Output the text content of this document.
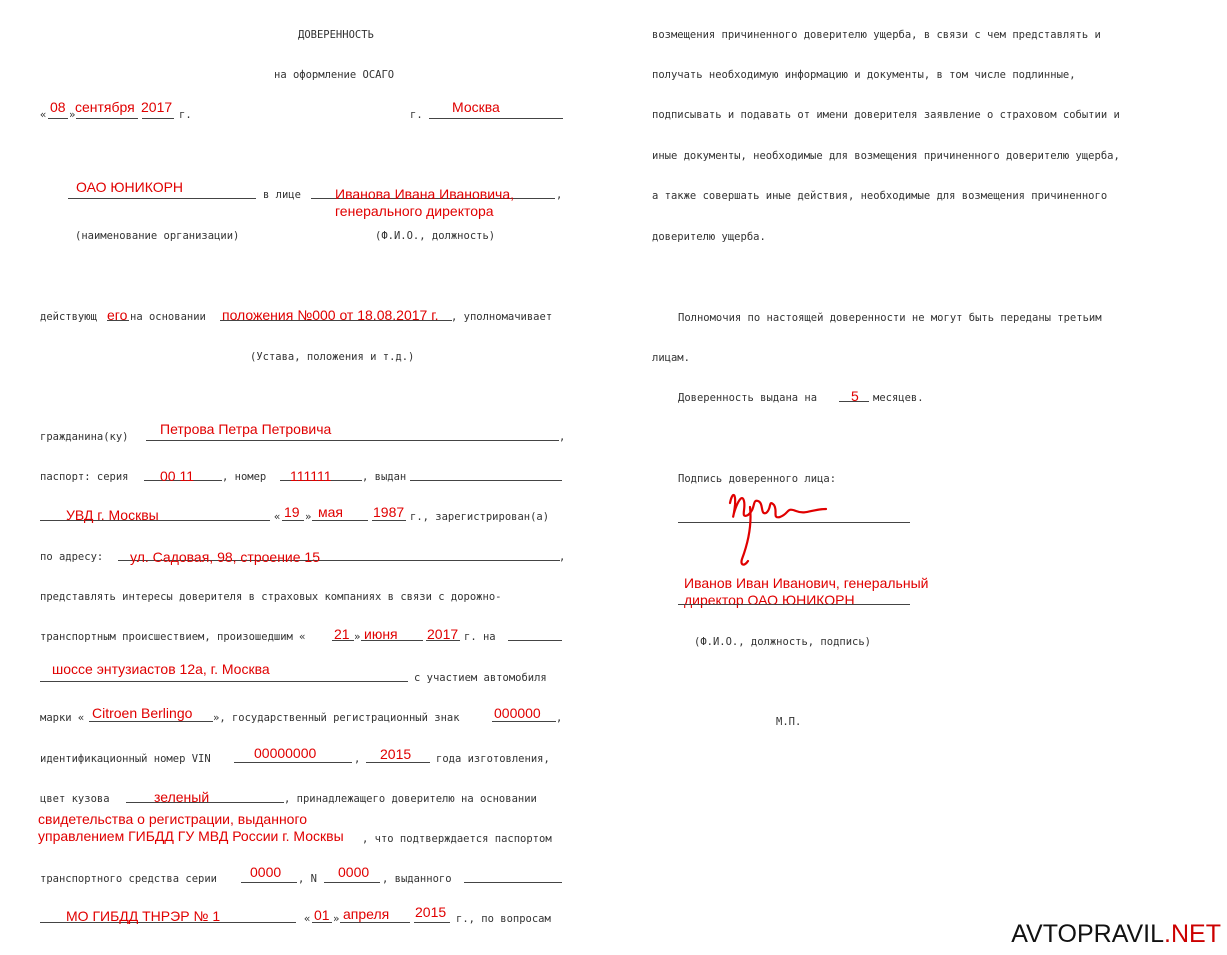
ДОВЕРЕННОСТЬ
на оформление ОСАГО
« 08 » сентября 2017 г.	г. Москва
ОАО ЮНИКОРН	в лице Иванова Ивана Ивановича,	,
генерального директора
(наименование организации)	(Ф.И.О., должность)
действующ его на основании положения №000 от 18.08.2017 г. , уполномачивает
(Устава, положения и т.д.)
гражданина(ку) Петрова Петра Петровича	,
паспорт: серия 00 11	, номер 111111	, выдан
УВД г. Москвы	« 19 » мая 1987 г., зарегистрирован(а)
по адресу: ул. Садовая, 98, строение 15	,
представлять интересы доверителя в страховых компаниях в связи с дорожно-
транспортным происшествием, произошедшим « 21 » июня 2017 г. на
шоссе энтузиастов 12а, г. Москва
с участием автомобиля
марки « Citroen Berlingo », государственный регистрационный знак 000000 ,
идентификационный номер VIN	00000000	, 2015 года изготовления,
цвет кузова	зеленый	, принадлежащего доверителю на основании
свидетельства о регистрации, выданного
управлением ГИБДД ГУ МВД России г. Москвы , что подтверждается паспортом
транспортного средства серии 0000 , N 0000 , выданного
МО ГИБДД ТНРЭР № 1	« 01 » апреля 2015 г., по вопросам
возмещения причиненного доверителю ущерба, в связи с чем представлять и
получать необходимую информацию и документы, в том числе подлинные,
подписывать и подавать от имени доверителя заявление о страховом событии и
иные документы, необходимые для возмещения причиненного доверителю ущерба,
а также совершать иные действия, необходимые для возмещения причиненного
доверителю ущерба.
Полномочия по настоящей доверенности не могут быть переданы третьим
лицам.
Доверенность выдана на 5 месяцев.
Подпись доверенного лица:
Иванов Иван Иванович, генеральный
директор ОАО ЮНИКОРН
(Ф.И.О., должность, подпись)
М.П.
AVTOPRAVIL.NET
